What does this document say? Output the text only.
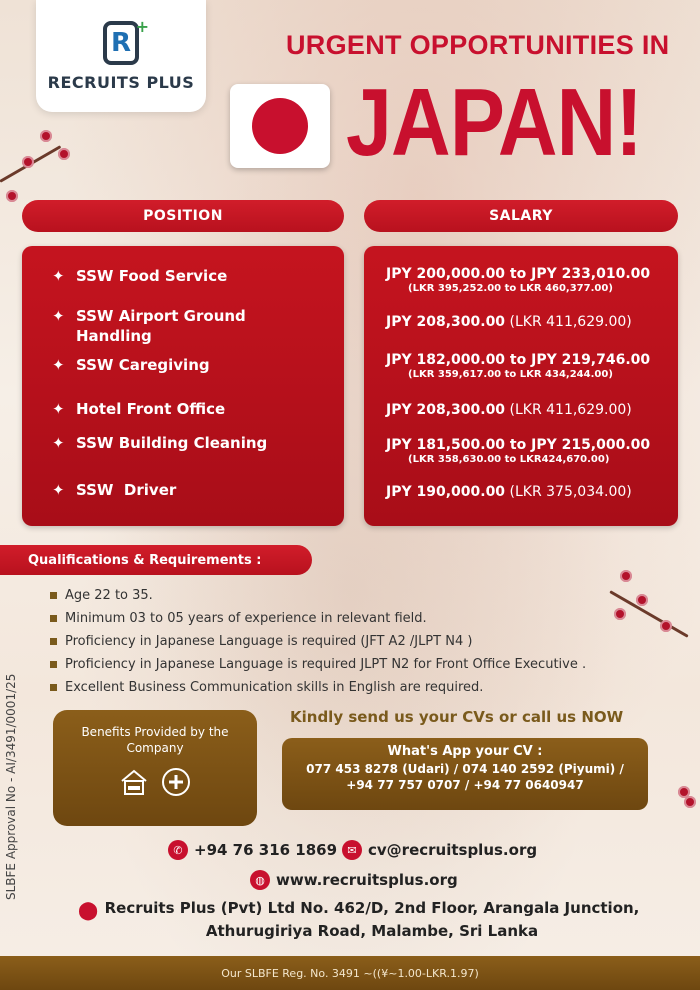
R
+
RECRUITS PLUS
URGENT OPPORTUNITIES IN
JAPAN!
POSITION	SALARY
✦ SSW Food Service
✦ SSW Airport Ground Handling
✦ SSW Caregiving
✦ Hotel Front Office
✦ SSW Building Cleaning
✦ SSW  Driver
JPY 200,000.00 to JPY 233,010.00
(LKR 395,252.00 to LKR 460,377.00)
JPY 208,300.00 (LKR 411,629.00)
JPY 182,000.00 to JPY 219,746.00
(LKR 359,617.00 to LKR 434,244.00)
JPY 208,300.00 (LKR 411,629.00)
JPY 181,500.00 to JPY 215,000.00
(LKR 358,630.00 to LKR424,670.00)
JPY 190,000.00 (LKR 375,034.00)
Qualifications & Requirements :
Age 22 to 35.
Minimum 03 to 05 years of experience in relevant field.
Proficiency in Japanese Language is required (JFT A2 /JLPT N4 )
Proficiency in Japanese Language is required JLPT N2 for Front Office Executive .
Excellent Business Communication skills in English are required.
SLBFE Approval No - AI/3491/0001/25	Benefits Provided by the Company
Kindly send us your CVs or call us NOW
What's App your CV :
077 453 8278 (Udari) / 074 140 2592 (Piyumi) /
+94 77 757 0707 / +94 77 0640947
✆ +94 76 316 1869 ✉ cv@recruitsplus.org
◍ www.recruitsplus.org
⬤ Recruits Plus (Pvt) Ltd No. 462/D, 2nd Floor, Arangala Junction,
Athurugiriya Road, Malambe, Sri Lanka
Our SLBFE Reg. No. 3491 ~((¥~1.00-LKR.1.97)
